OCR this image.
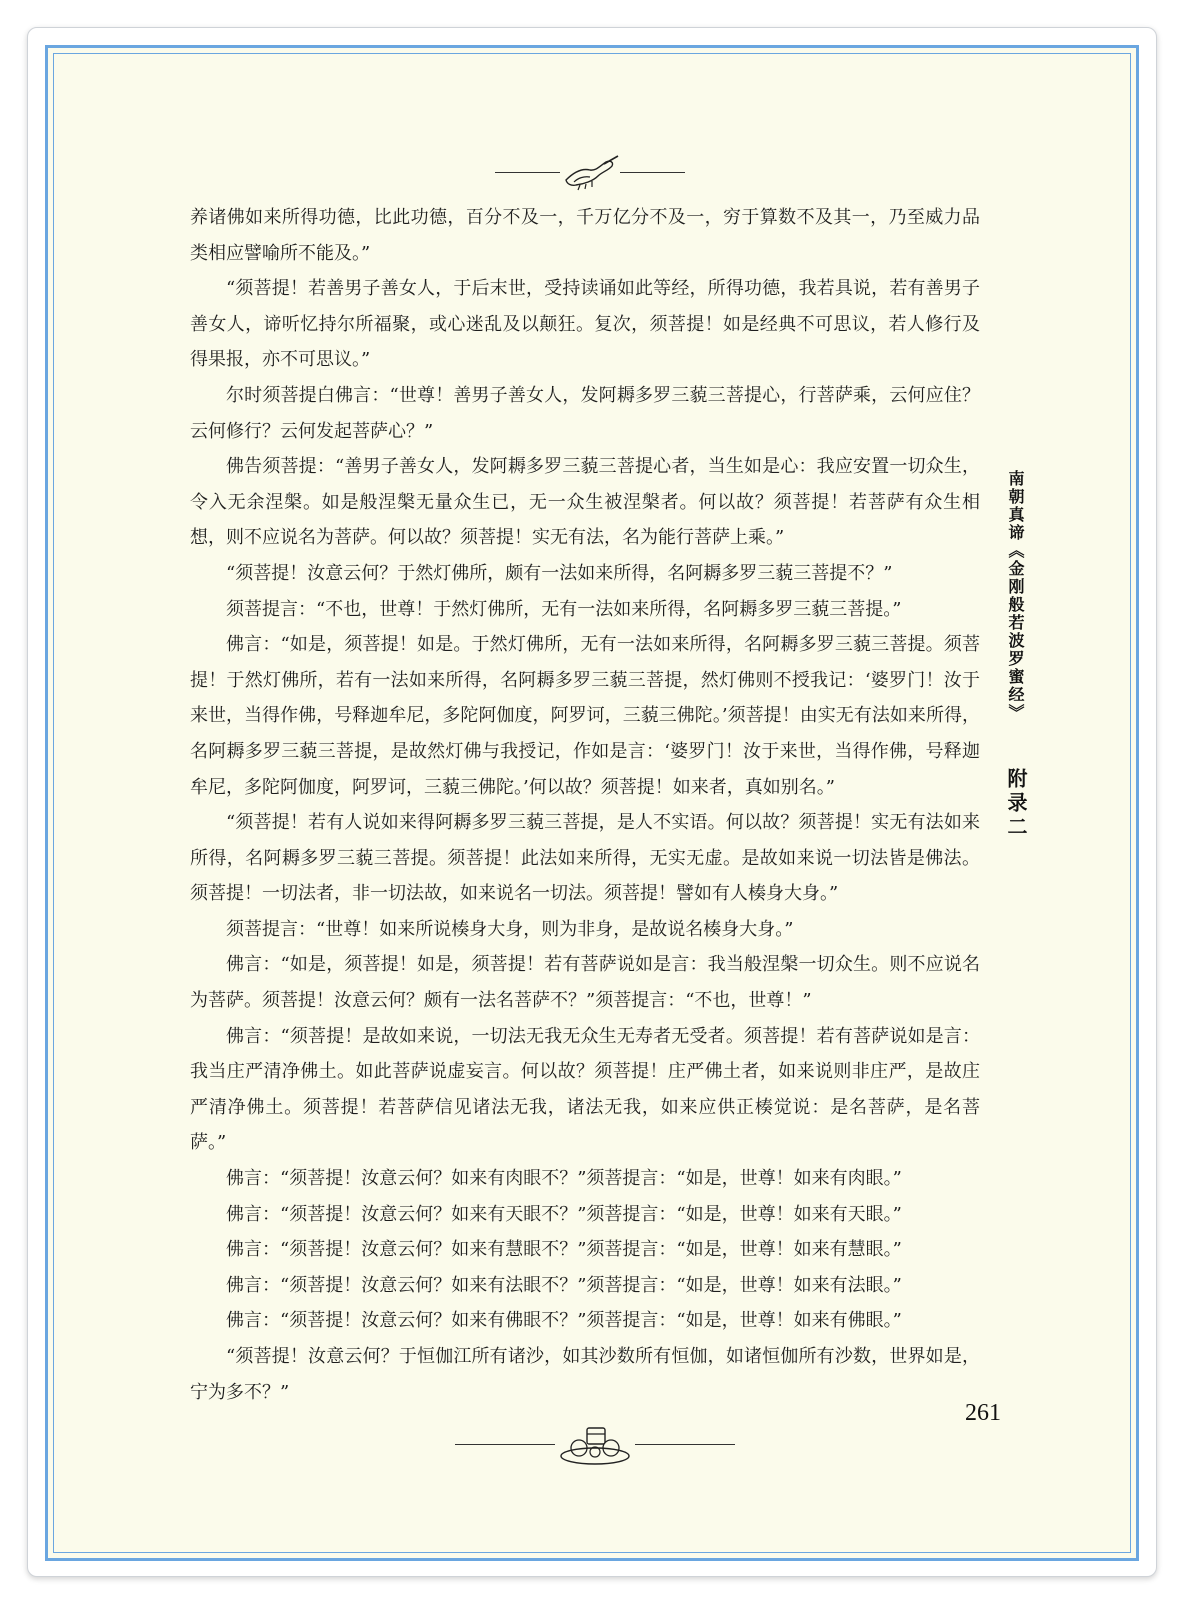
养诸佛如来所得功德，比此功德，百分不及一，千万亿分不及一，穷于算数不及其一，乃至威力品类相应譬喻所不能及。”

“须菩提！若善男子善女人，于后末世，受持读诵如此等经，所得功德，我若具说，若有善男子善女人，谛听忆持尔所福聚，或心迷乱及以颠狂。复次，须菩提！如是经典不可思议，若人修行及得果报，亦不可思议。”

尔时须菩提白佛言：“世尊！善男子善女人，发阿耨多罗三藐三菩提心，行菩萨乘，云何应住？云何修行？云何发起菩萨心？”

佛告须菩提：“善男子善女人，发阿耨多罗三藐三菩提心者，当生如是心：我应安置一切众生，令入无余涅槃。如是般涅槃无量众生已，无一众生被涅槃者。何以故？须菩提！若菩萨有众生相想，则不应说名为菩萨。何以故？须菩提！实无有法，名为能行菩萨上乘。”

“须菩提！汝意云何？于然灯佛所，颇有一法如来所得，名阿耨多罗三藐三菩提不？”

须菩提言：“不也，世尊！于然灯佛所，无有一法如来所得，名阿耨多罗三藐三菩提。”

佛言：“如是，须菩提！如是。于然灯佛所，无有一法如来所得，名阿耨多罗三藐三菩提。须菩提！于然灯佛所，若有一法如来所得，名阿耨多罗三藐三菩提，然灯佛则不授我记：‘婆罗门！汝于来世，当得作佛，号释迦牟尼，多陀阿伽度，阿罗诃，三藐三佛陀。’须菩提！由实无有法如来所得，名阿耨多罗三藐三菩提，是故然灯佛与我授记，作如是言：‘婆罗门！汝于来世，当得作佛，号释迦牟尼，多陀阿伽度，阿罗诃，三藐三佛陀。’何以故？须菩提！如来者，真如别名。”

“须菩提！若有人说如来得阿耨多罗三藐三菩提，是人不实语。何以故？须菩提！实无有法如来所得，名阿耨多罗三藐三菩提。须菩提！此法如来所得，无实无虚。是故如来说一切法皆是佛法。须菩提！一切法者，非一切法故，如来说名一切法。须菩提！譬如有人楱身大身。”

须菩提言：“世尊！如来所说楱身大身，则为非身，是故说名楱身大身。”

佛言：“如是，须菩提！如是，须菩提！若有菩萨说如是言：我当般涅槃一切众生。则不应说名为菩萨。须菩提！汝意云何？颇有一法名菩萨不？”须菩提言：“不也，世尊！”

佛言：“须菩提！是故如来说，一切法无我无众生无寿者无受者。须菩提！若有菩萨说如是言：我当庄严清净佛土。如此菩萨说虚妄言。何以故？须菩提！庄严佛土者，如来说则非庄严，是故庄严清净佛土。须菩提！若菩萨信见诸法无我，诸法无我，如来应供正楱觉说：是名菩萨，是名菩萨。”

佛言：“须菩提！汝意云何？如来有肉眼不？”须菩提言：“如是，世尊！如来有肉眼。”

佛言：“须菩提！汝意云何？如来有天眼不？”须菩提言：“如是，世尊！如来有天眼。”

佛言：“须菩提！汝意云何？如来有慧眼不？”须菩提言：“如是，世尊！如来有慧眼。”

佛言：“须菩提！汝意云何？如来有法眼不？”须菩提言：“如是，世尊！如来有法眼。”

佛言：“须菩提！汝意云何？如来有佛眼不？”须菩提言：“如是，世尊！如来有佛眼。”

“须菩提！汝意云何？于恒伽江所有诸沙，如其沙数所有恒伽，如诸恒伽所有沙数，世界如是，宁为多不？”

南朝真谛《金刚般若波罗蜜经》
附录二
261
